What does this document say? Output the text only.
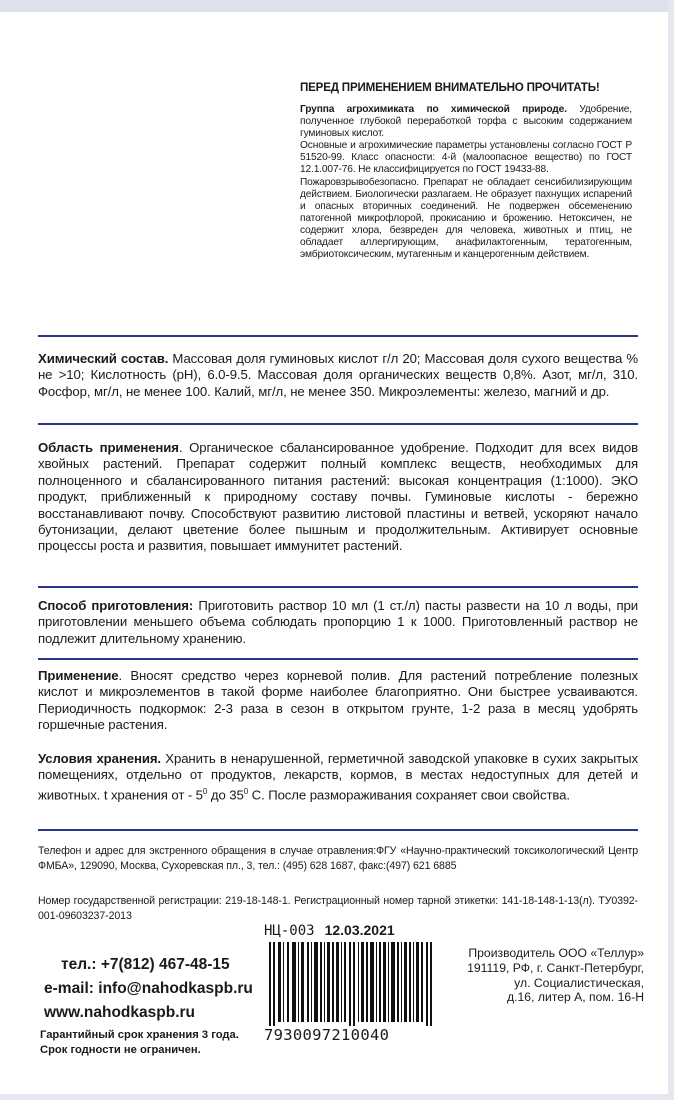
ПЕРЕД ПРИМЕНЕНИЕМ ВНИМАТЕЛЬНО ПРОЧИТАТЬ!

Группа агрохимиката по химической природе. Удобрение, полученное глубокой переработкой торфа с высоким содержанием гуминовых кислот.

Основные и агрохимические параметры установлены согласно ГОСТ Р 51520-99. Класс опасности: 4-й (малоопасное вещество) по ГОСТ 12.1.007-76. Не классифицируется по ГОСТ 19433-88.

Пожаровзрывобезопасно. Препарат не обладает сенсибилизирующим действием. Биологически разлагаем. Не образует пахнущих испарений и опасных вторичных соединений. Не подвержен обсеменению патогенной микрофлорой, прокисанию и брожению. Нетоксичен, не содержит хлора, безвреден для человека, животных и птиц, не обладает аллергирующим, анафилактогенным, тератогенным, эмбриотоксическим, мутагенным и канцерогенным действием.

Химический состав. Массовая доля гуминовых кислот г/л 20; Массовая доля сухого вещества % не >10; Кислотность (рН), 6.0-9.5. Массовая доля органических веществ 0,8%. Азот, мг/л, 310. Фосфор, мг/л, не менее 100. Калий, мг/л, не менее 350. Микроэлементы: железо, магний и др.
Область применения. Органическое сбалансированное удобрение. Подходит для всех видов хвойных растений. Препарат содержит полный комплекс веществ, необходимых для полноценного и сбалансированного питания растений: высокая концентрация (1:1000). ЭКО продукт, приближенный к природному составу почвы. Гуминовые кислоты - бережно восстанавливают почву. Способствуют развитию листовой пластины и ветвей, ускоряют начало бутонизации, делают цветение более пышным и продолжительным. Активирует основные процессы роста и развития, повышает иммунитет растений.
Способ приготовления: Приготовить раствор 10 мл (1 ст./л) пасты развести на 10 л воды, при приготовлении меньшего объема соблюдать пропорцию 1 к 1000. Приготовленный раствор не подлежит длительному хранению.
Применение. Вносят средство через корневой полив. Для растений потребление полезных кислот и микроэлементов в такой форме наиболее благоприятно. Они быстрее усваиваются. Периодичность подкормок: 2-3 раза в сезон в открытом грунте, 1-2 раза в месяц удобрять горшечные растения.
Условия хранения. Хранить в ненарушенной, герметичной заводской упаковке в сухих закрытых помещениях, отдельно от продуктов, лекарств, кормов, в местах недоступных для детей и животных. t хранения от - $5^0$ до $35^0$ С. После размораживания сохраняет свои свойства.
Телефон и адрес для экстренного обращения в случае отравления:ФГУ «Научно-практический токсикологический Центр ФМБА», 129090, Москва, Сухоревская пл., 3, тел.: (495) 628 1687, факс:(497) 621 6885
Номер государственной регистрации: 219-18-148-1. Регистрационный номер тарной этикетки: 141-18-148-1-13(л). ТУ0392-001-09603237-2013
НЦ-003 12.03.2021
7930097210040
тел.: +7(812) 467-48-15
e-mail: info@nahodkaspb.ru
www.nahodkaspb.ru
Гарантийный срок хранения 3 года.
Срок годности не ограничен.
Производитель ООО «Теллур»
191119, РФ, г. Санкт-Петербург,
ул. Социалистическая,
д.16, литер А, пом. 16-Н
